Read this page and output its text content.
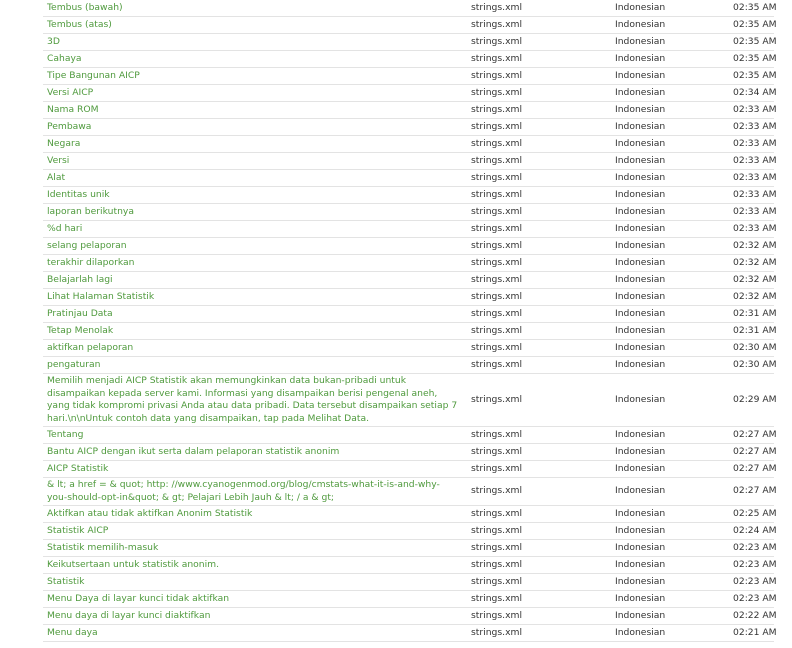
Tembus (bawah)	strings.xml	Indonesian	02:35 AM
Tembus (atas)	strings.xml	Indonesian	02:35 AM
3D	strings.xml	Indonesian	02:35 AM
Cahaya	strings.xml	Indonesian	02:35 AM
Tipe Bangunan AICP	strings.xml	Indonesian	02:35 AM
Versi AICP	strings.xml	Indonesian	02:34 AM
Nama ROM	strings.xml	Indonesian	02:33 AM
Pembawa	strings.xml	Indonesian	02:33 AM
Negara	strings.xml	Indonesian	02:33 AM
Versi	strings.xml	Indonesian	02:33 AM
Alat	strings.xml	Indonesian	02:33 AM
Identitas unik	strings.xml	Indonesian	02:33 AM
laporan berikutnya	strings.xml	Indonesian	02:33 AM
%d hari	strings.xml	Indonesian	02:33 AM
selang pelaporan	strings.xml	Indonesian	02:32 AM
terakhir dilaporkan	strings.xml	Indonesian	02:32 AM
Belajarlah lagi	strings.xml	Indonesian	02:32 AM
Lihat Halaman Statistik	strings.xml	Indonesian	02:32 AM
Pratinjau Data	strings.xml	Indonesian	02:31 AM
Tetap Menolak	strings.xml	Indonesian	02:31 AM
aktifkan pelaporan	strings.xml	Indonesian	02:30 AM
pengaturan	strings.xml	Indonesian	02:30 AM
Memilih menjadi AICP Statistik akan memungkinkan data bukan-pribadi untuk disampaikan kepada server kami. Informasi yang disampaikan berisi pengenal aneh, yang tidak kompromi privasi Anda atau data pribadi. Data tersebut disampaikan setiap 7 hari.\n\nUntuk contoh data yang disampaikan, tap pada Melihat Data.	strings.xml	Indonesian	02:29 AM
Tentang	strings.xml	Indonesian	02:27 AM
Bantu AICP dengan ikut serta dalam pelaporan statistik anonim	strings.xml	Indonesian	02:27 AM
AICP Statistik	strings.xml	Indonesian	02:27 AM
& lt; a href = & quot; http: //www.cyanogenmod.org/blog/cmstats-what-it-is-and-why-you-should-opt-in&quot; & gt; Pelajari Lebih Jauh & lt; / a & gt;	strings.xml	Indonesian	02:27 AM
Aktifkan atau tidak aktifkan Anonim Statistik	strings.xml	Indonesian	02:25 AM
Statistik AICP	strings.xml	Indonesian	02:24 AM
Statistik memilih-masuk	strings.xml	Indonesian	02:23 AM
Keikutsertaan untuk statistik anonim.	strings.xml	Indonesian	02:23 AM
Statistik	strings.xml	Indonesian	02:23 AM
Menu Daya di layar kunci tidak aktifkan	strings.xml	Indonesian	02:23 AM
Menu daya di layar kunci diaktifkan	strings.xml	Indonesian	02:22 AM
Menu daya	strings.xml	Indonesian	02:21 AM
